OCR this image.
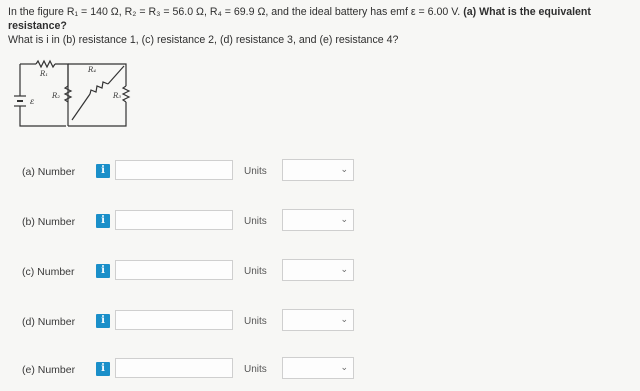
In the figure R₁ = 140 Ω, R₂ = R₃ = 56.0 Ω, R₄ = 69.9 Ω, and the ideal battery has emf ε = 6.00 V. (a) What is the equivalent resistance?

What is i in (b) resistance 1, (c) resistance 2, (d) resistance 3, and (e) resistance 4?

ɛ
R₁
R₂
R₄
R₃
(a) Number	i	Units	⌄
(b) Number	i	Units	⌄
(c) Number	i	Units	⌄
(d) Number	i	Units	⌄
(e) Number	i	Units	⌄
